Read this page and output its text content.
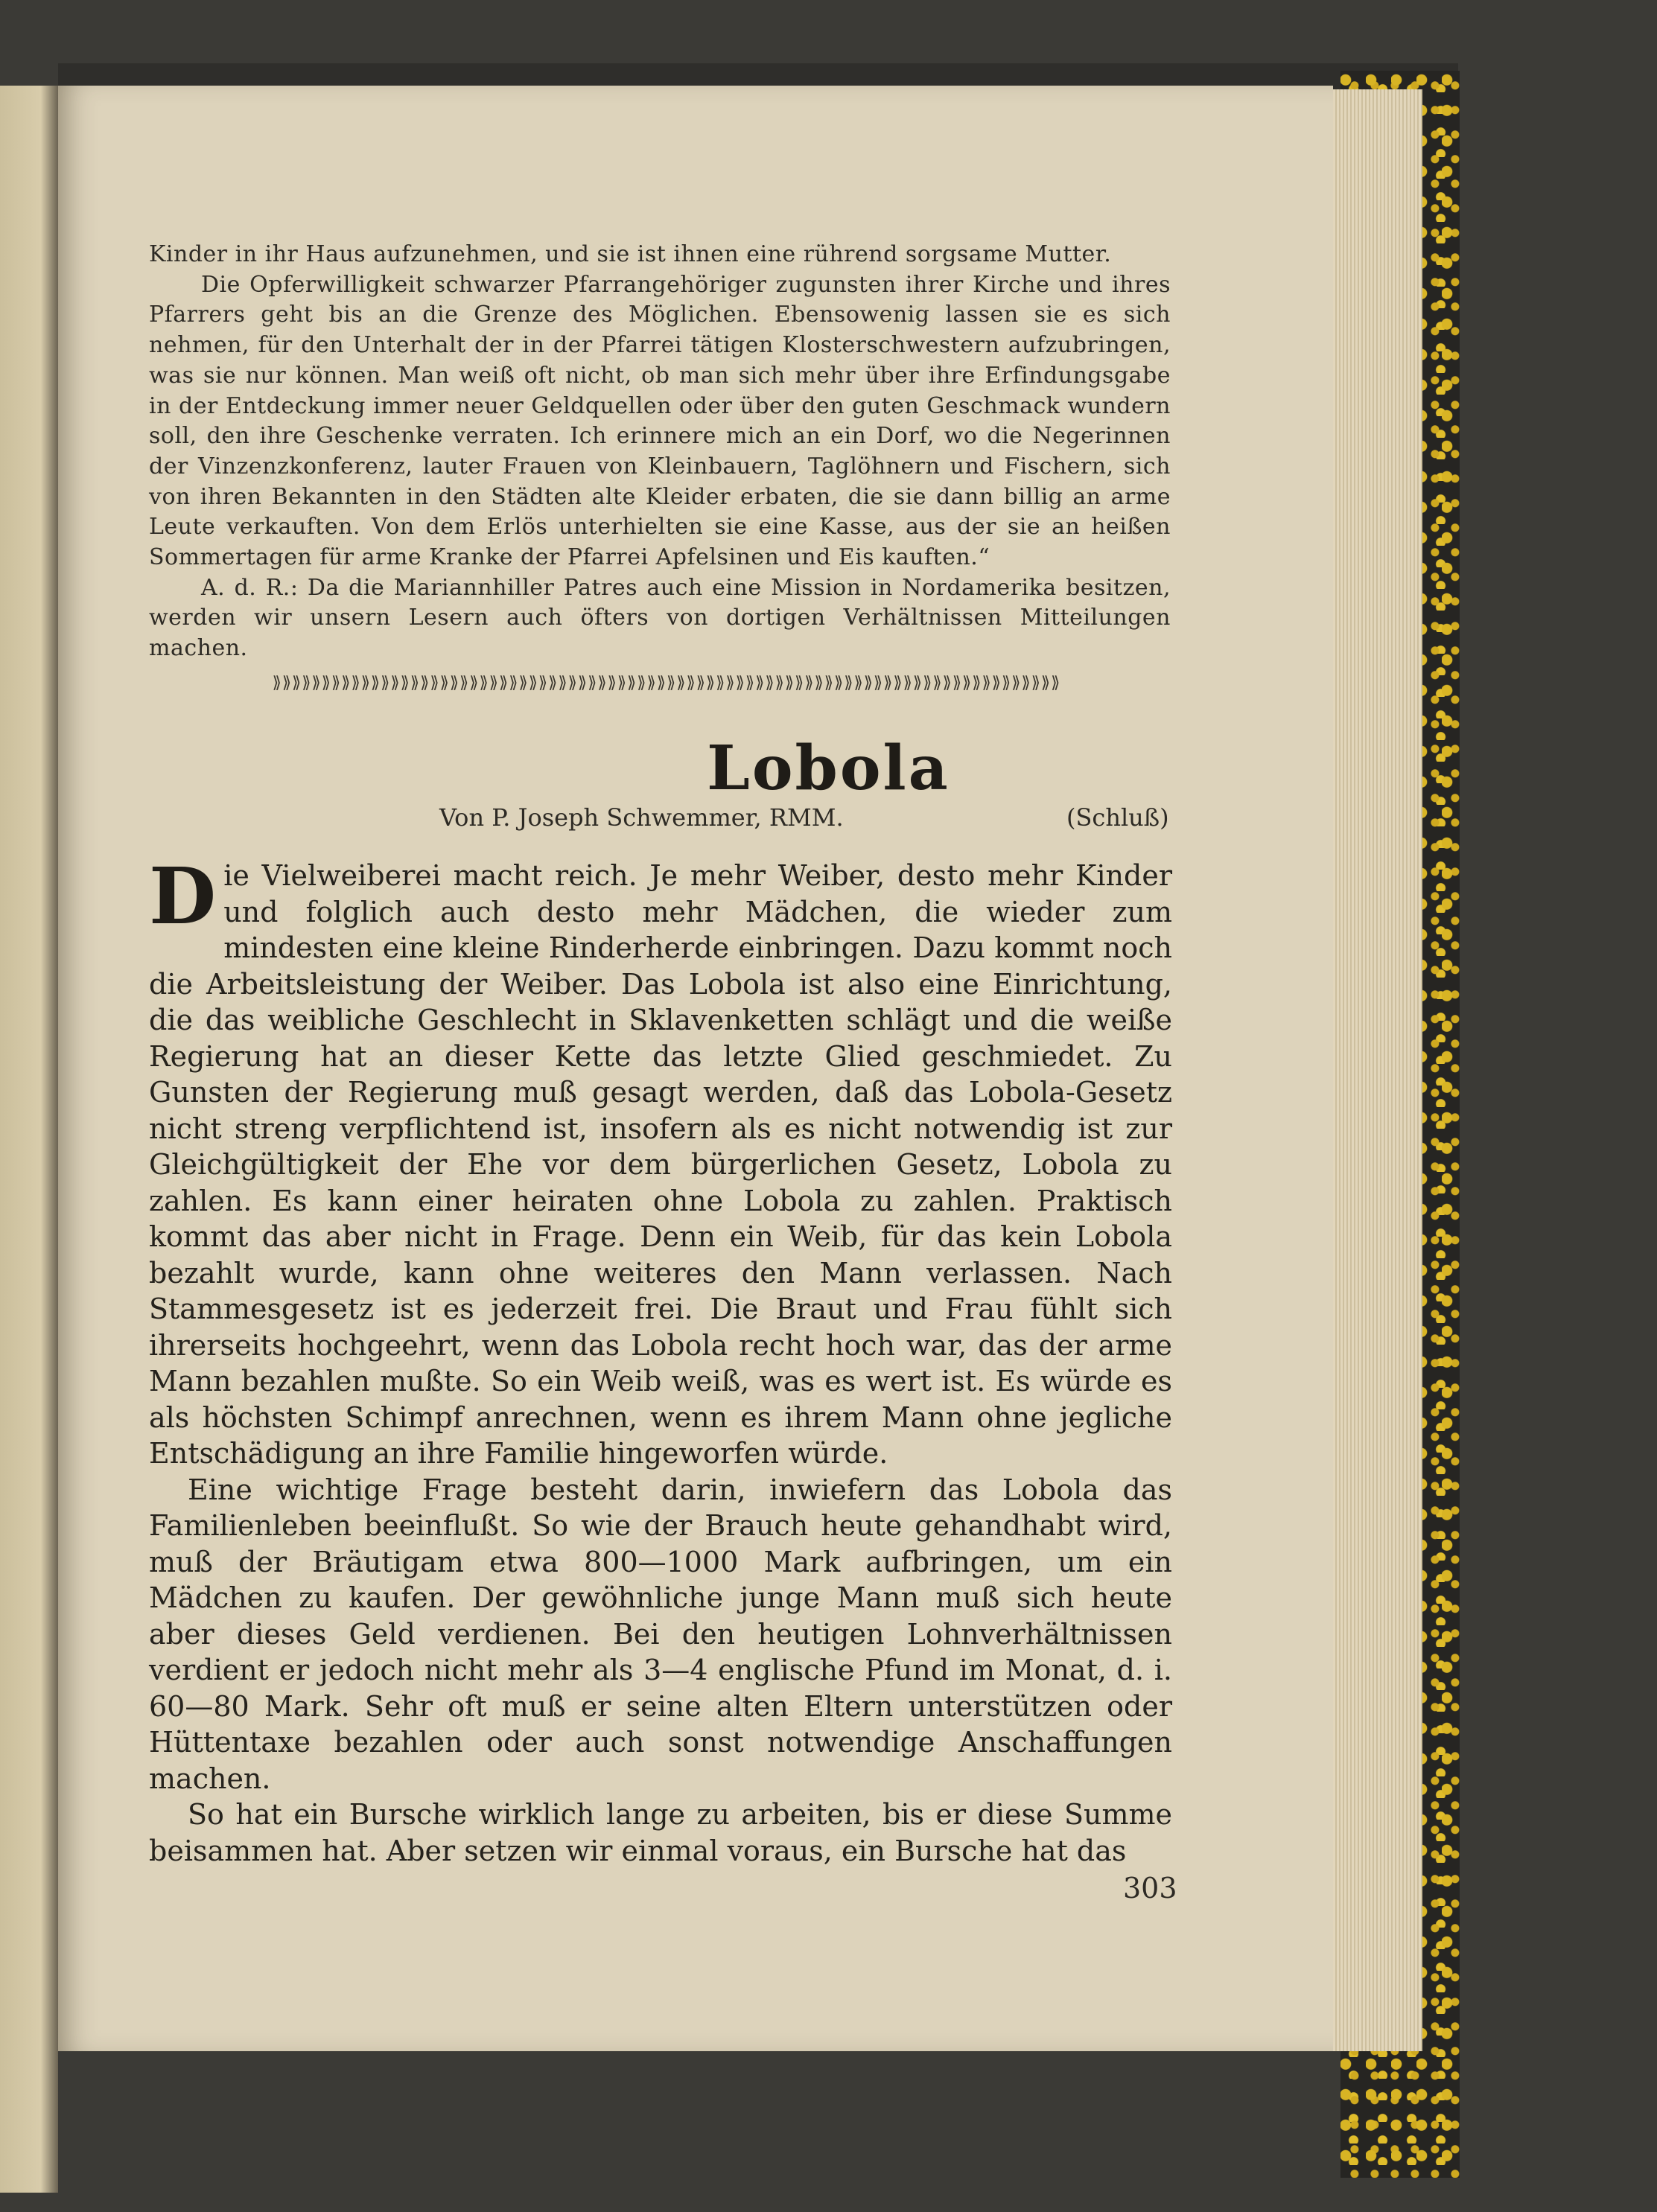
Kinder in ihr Haus aufzunehmen, und sie ist ihnen eine rührend sorgsame Mutter.

Die Opferwilligkeit schwarzer Pfarrangehöriger zugunsten ihrer Kirche und ihres Pfarrers geht bis an die Grenze des Möglichen. Ebensowenig lassen sie es sich nehmen, für den Unterhalt der in der Pfarrei tätigen Klosterschwestern aufzubringen, was sie nur können. Man weiß oft nicht, ob man sich mehr über ihre Erfindungsgabe in der Entdeckung immer neuer Geldquellen oder über den guten Geschmack wundern soll, den ihre Geschenke verraten. Ich erinnere mich an ein Dorf, wo die Negerinnen der Vinzenzkonferenz, lauter Frauen von Kleinbauern, Taglöhnern und Fischern, sich von ihren Bekannten in den Städten alte Kleider erbaten, die sie dann billig an arme Leute verkauften. Von dem Erlös unterhielten sie eine Kasse, aus der sie an heißen Sommertagen für arme Kranke der Pfarrei Apfelsinen und Eis kauften.“

A. d. R.: Da die Mariannhiller Patres auch eine Mission in Nordamerika besitzen, werden wir unsern Lesern auch öfters von dortigen Verhältnissen Mitteilungen machen.

⟫⟫⟫⟫⟫⟫⟫⟫⟫⟫⟫⟫⟫⟫⟫⟫⟫⟫⟫⟫⟫⟫⟫⟫⟫⟫⟫⟫⟫⟫⟫⟫⟫⟫⟫⟫⟫⟫⟫⟫⟫⟫⟫⟫⟫⟫⟫⟫⟫⟫⟫⟫⟫⟫⟫⟫⟫⟫⟫⟫⟫⟫⟫⟫⟫⟫⟫⟫⟫⟫⟫⟫⟫⟫⟫⟫⟫⟫⟫⟫
Lobola
Von P. Joseph Schwemmer, RMM.	(Schluß)

Die Vielweiberei macht reich. Je mehr Weiber, desto mehr Kinder und folglich auch desto mehr Mädchen, die wieder zum mindesten eine kleine Rinderherde einbringen. Dazu kommt noch die Arbeitsleistung der Weiber. Das Lobola ist also eine Einrichtung, die das weibliche Geschlecht in Sklavenketten schlägt und die weiße Regierung hat an dieser Kette das letzte Glied geschmiedet. Zu Gunsten der Regierung muß gesagt werden, daß das Lobola-Gesetz nicht streng verpflichtend ist, insofern als es nicht notwendig ist zur Gleichgültigkeit der Ehe vor dem bürgerlichen Gesetz, Lobola zu zahlen. Es kann einer heiraten ohne Lobola zu zahlen. Praktisch kommt das aber nicht in Frage. Denn ein Weib, für das kein Lobola bezahlt wurde, kann ohne weiteres den Mann verlassen. Nach Stammesgesetz ist es jederzeit frei. Die Braut und Frau fühlt sich ihrerseits hochgeehrt, wenn das Lobola recht hoch war, das der arme Mann bezahlen mußte. So ein Weib weiß, was es wert ist. Es würde es als höchsten Schimpf anrechnen, wenn es ihrem Mann ohne jegliche Entschädigung an ihre Familie hingeworfen würde.

Eine wichtige Frage besteht darin, inwiefern das Lobola das Familienleben beeinflußt. So wie der Brauch heute gehandhabt wird, muß der Bräutigam etwa 800—1000 Mark aufbringen, um ein Mädchen zu kaufen. Der gewöhnliche junge Mann muß sich heute aber dieses Geld verdienen. Bei den heutigen Lohnverhältnissen verdient er jedoch nicht mehr als 3—4 englische Pfund im Monat, d. i. 60—80 Mark. Sehr oft muß er seine alten Eltern unterstützen oder Hüttentaxe bezahlen oder auch sonst notwendige Anschaffungen machen.

So hat ein Bursche wirklich lange zu arbeiten, bis er diese Summe beisammen hat. Aber setzen wir einmal voraus, ein Bursche hat das

303
